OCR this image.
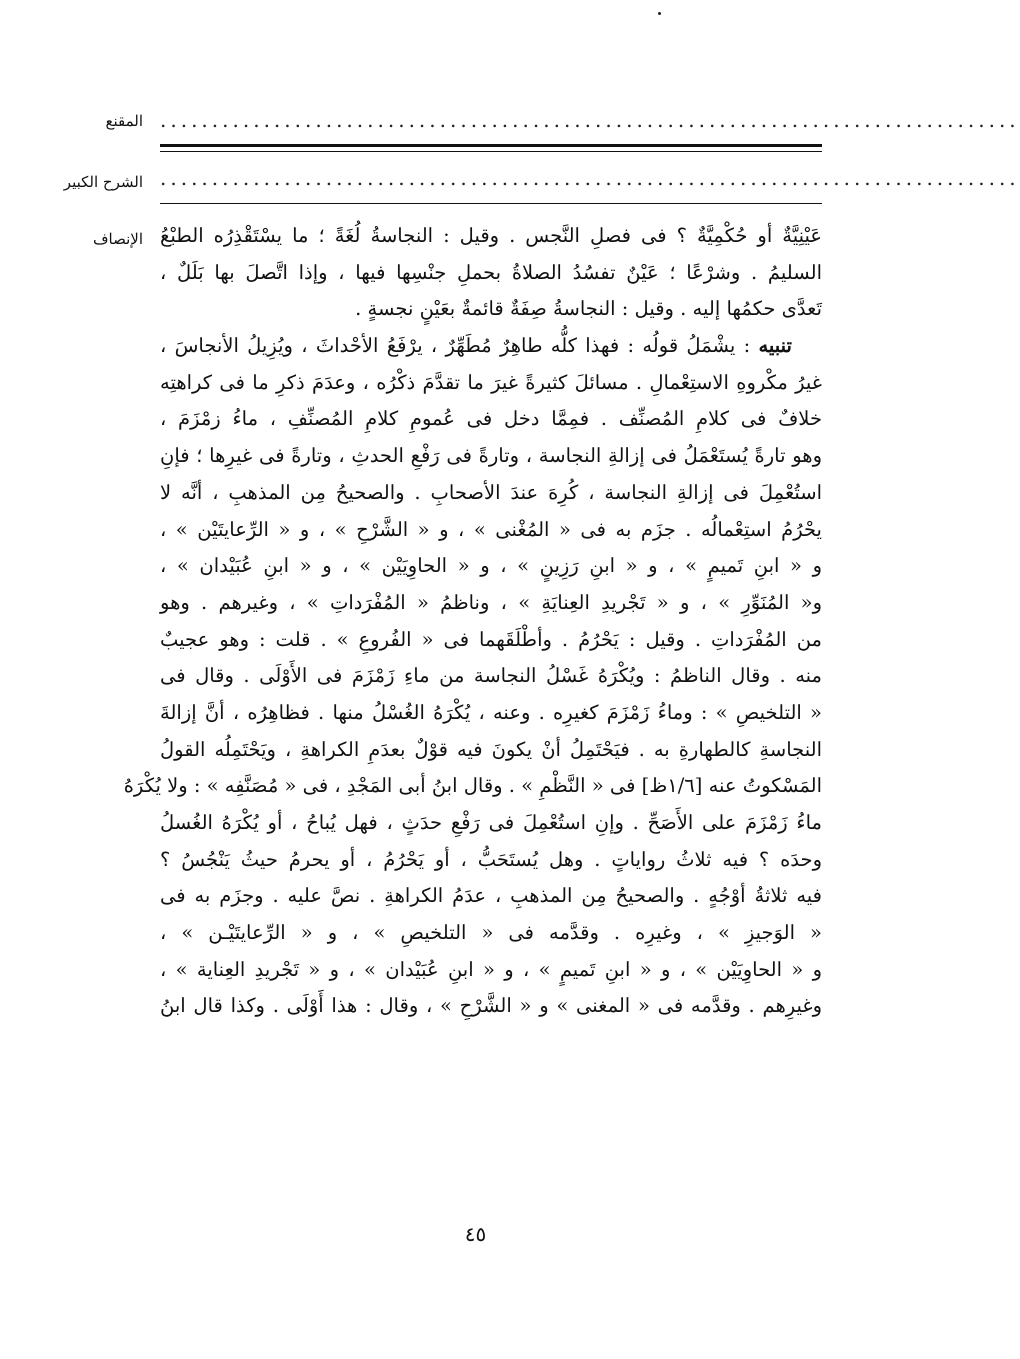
المقنع ...................................................................................
الشرح الكبير ...................................................................................
الإنصاف عَيْنِيَّةٌ أو حُكْمِيَّةٌ ؟ فى فصلِ النَّجس . وقيل : النجاسةُ لُغَةً ؛ ما يسْتَقْذِرُه الطبْعُ
السليمُ . وشرْعًا ؛ عَيْنٌ تفسُدُ الصلاةُ بحملِ جنْسِها فيها ، وإذا اتَّصلَ بها بَلَلٌ ،
تَعدَّى حكمُها إليه . وقيل : النجاسةُ صِفَةٌ قائمةٌ بعَيْنٍ نجسةٍ .
تنبيه : يشْمَلُ قولُه : فهذا كلُّه طاهِرٌ مُطَهِّرٌ ، يرْفَعُ الأحْداثَ ، ويُزِيلُ الأنجاسَ ،
غيرُ مكْروهِ الاستِعْمالِ . مسائلَ كثيرةً غيرَ ما تقدَّمَ ذكْرُه ، وعدَمَ ذكرِ ما فى كراهتِه
خلافٌ فى كلامِ المُصنِّف . فمِمَّا دخل فى عُمومِ كلامِ المُصنِّفِ ، ماءُ زمْزَمَ ،
وهو تارةً يُستَعْمَلُ فى إزالةِ النجاسة ، وتارةً فى رَفْعِ الحدثِ ، وتارةً فى غيرِها ؛ فإنِ
استُعْمِلَ فى إزالةِ النجاسة ، كُرِهَ عندَ الأصحابِ . والصحيحُ مِن المذهبِ ، أنَّه لا
يحْرُمُ استِعْمالُه . جزَم به فى « المُغْنى » ، و « الشَّرْحِ » ، و « الرِّعايتَيْن » ،
و « ابنِ تَميمٍ » ، و « ابنِ رَزِينٍ » ، و « الحاوِيَيْن » ، و « ابنِ عُبَيْدان » ،
و« المُنَوِّرِ » ، و « تَجْريدِ العِنايَةِ » ، وناظمُ « المُفْرَداتِ » ، وغيرهم . وهو
من المُفْرَداتِ . وقيل : يَحْرُمُ . وأطْلَقَهما فى « الفُروعِ » . قلت : وهو عجيبٌ
منه . وقال الناظمُ : ويُكْرَهُ غَسْلُ النجاسة من ماءِ زَمْزَمَ فى الأَوْلَى . وقال فى
« التلخيصِ » : وماءُ زَمْزَمَ كغيرِه . وعنه ، يُكْرَهُ الغُسْلُ منها . فظاهِرُه ، أنَّ إزالةَ
النجاسةِ كالطهارةِ به . فيَحْتَمِلُ أنْ يكونَ فيه قوْلٌ بعدَمِ الكراهةِ ، ويَحْتَمِلُه القولُ
المَسْكوتُ عنه [١/٦ظ] فى « النَّظْمِ » . وقال ابنُ أبى المَجْدِ ، فى « مُصَنَّفِه » : ولا يُكْرَهُ
ماءُ زَمْزَمَ على الأَصَحِّ . وإنِ استُعْمِلَ فى رَفْعِ حدَثٍ ، فهل يُباحُ ، أو يُكْرَهُ الغُسلُ
وحدَه ؟ فيه ثلاثُ رواياتٍ . وهل يُستَحَبُّ ، أو يَحْرُمُ ، أو يحرمُ حيثُ يَنْجُسُ ؟
فيه ثلاثةُ أوْجُهٍ . والصحيحُ مِن المذهبِ ، عدَمُ الكراهةِ . نصَّ عليه . وجزَم به فى
« الوَجيزِ » ، وغيرِه . وقدَّمه فى « التلخيصِ » ، و « الرِّعايتَيْـن » ،
و « الحاوِيَيْن » ، و « ابنِ تَميمٍ » ، و « ابنِ عُبَيْدان » ، و « تَجْريدِ العِناية » ،
وغيرِهم . وقدَّمه فى « المغنى » و « الشَّرْحِ » ، وقال : هذا أَوْلَى . وكذا قال ابنُ
٤٥
